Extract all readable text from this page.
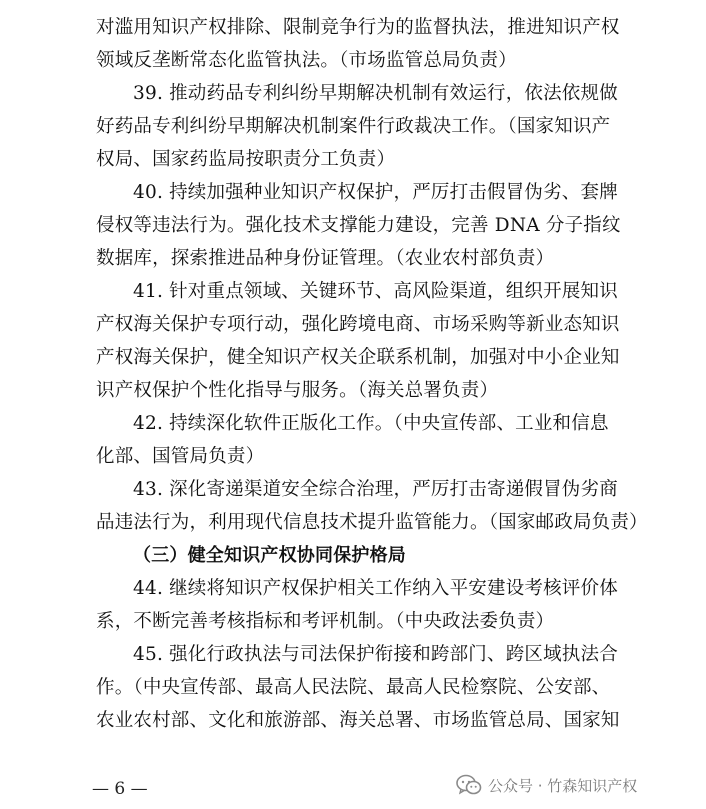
对滥用知识产权排除、限制竞争行为的监督执法，推进知识产权
领域反垄断常态化监管执法。（市场监管总局负责）
39. 推动药品专利纠纷早期解决机制有效运行，依法依规做
好药品专利纠纷早期解决机制案件行政裁决工作。（国家知识产
权局、国家药监局按职责分工负责）
40. 持续加强种业知识产权保护，严厉打击假冒伪劣、套牌
侵权等违法行为。强化技术支撑能力建设，完善 DNA 分子指纹
数据库，探索推进品种身份证管理。（农业农村部负责）
41. 针对重点领域、关键环节、高风险渠道，组织开展知识
产权海关保护专项行动，强化跨境电商、市场采购等新业态知识
产权海关保护，健全知识产权关企联系机制，加强对中小企业知
识产权保护个性化指导与服务。（海关总署负责）
42. 持续深化软件正版化工作。（中央宣传部、工业和信息
化部、国管局负责）
43. 深化寄递渠道安全综合治理，严厉打击寄递假冒伪劣商
品违法行为，利用现代信息技术提升监管能力。（国家邮政局负责）
（三）健全知识产权协同保护格局
44. 继续将知识产权保护相关工作纳入平安建设考核评价体
系，不断完善考核指标和考评机制。（中央政法委负责）
45. 强化行政执法与司法保护衔接和跨部门、跨区域执法合
作。（中央宣传部、最高人民法院、最高人民检察院、公安部、
农业农村部、文化和旅游部、海关总署、市场监管总局、国家知
— 6 —	公众号 · 竹森知识产权
